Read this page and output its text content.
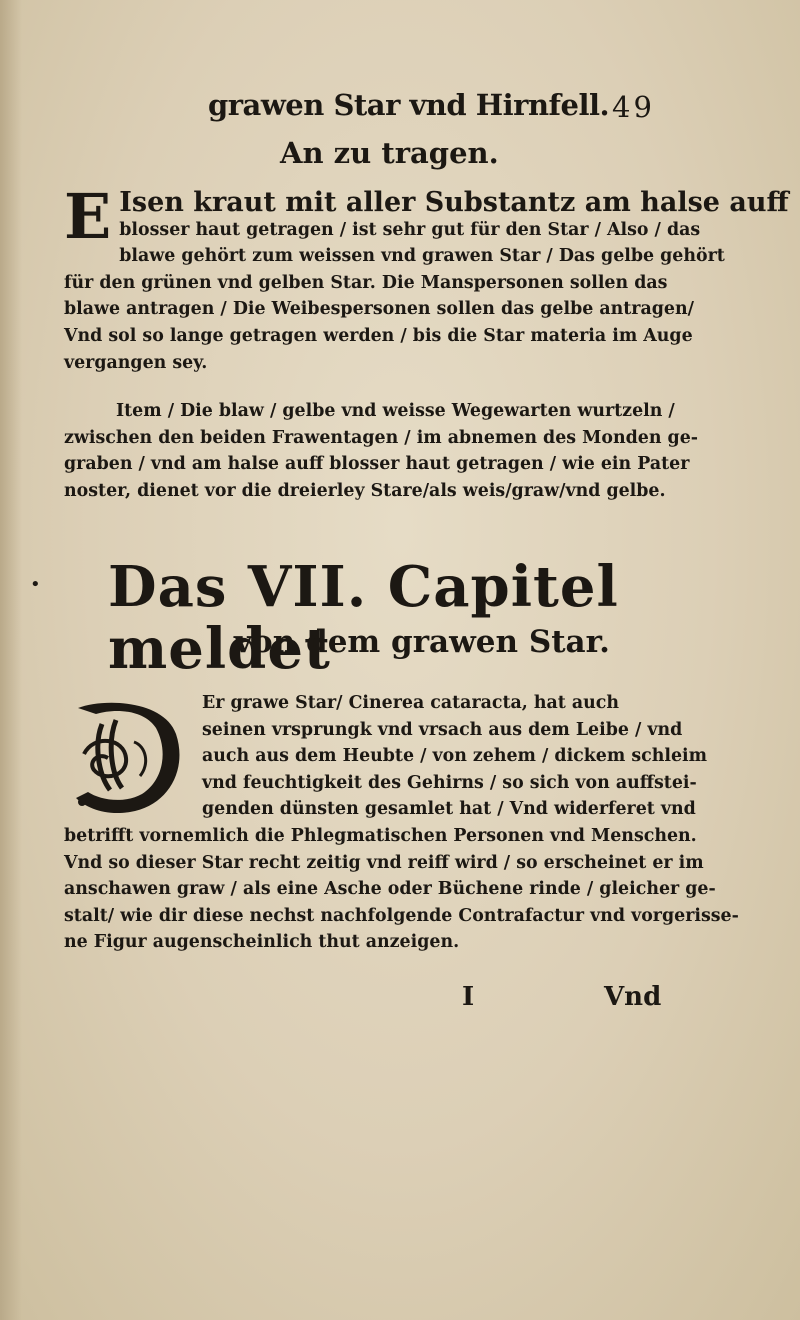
grawen Star vnd Hirnfell. 49
An zu tragen.
E Isen kraut mit aller Substantz am halse auff
blosser haut getragen / ist sehr gut für den Star / Also / das
blawe gehört zum weissen vnd grawen Star / Das gelbe gehört
für den grünen vnd gelben Star. Die Manspersonen sollen das
blawe antragen / Die Weibespersonen sollen das gelbe antragen/
Vnd sol so lange getragen werden / bis die Star materia im Auge
vergangen sey.
Item / Die blaw / gelbe vnd weisse Wegewarten wurtzeln /
zwischen den beiden Frawentagen / im abnemen des Monden ge-
graben / vnd am halse auff blosser haut getragen / wie ein Pater
noster, dienet vor die dreierley Stare/als weis/graw/vnd gelbe.
• Das VII. Capitel meldet
von dem grawen Star.
Er grawe Star/ Cinerea cataracta, hat auch
seinen vrsprungk vnd vrsach aus dem Leibe / vnd
auch aus dem Heubte / von zehem / dickem schleim
vnd feuchtigkeit des Gehirns / so sich von auffstei-
genden dünsten gesamlet hat / Vnd widerferet vnd
betrifft vornemlich die Phlegmatischen Personen vnd Menschen.
Vnd so dieser Star recht zeitig vnd reiff wird / so erscheinet er im
anschawen graw / als eine Asche oder Büchene rinde / gleicher ge-
stalt/ wie dir diese nechst nachfolgende Contrafactur vnd vorgerisse-
ne Figur augenscheinlich thut anzeigen.
I	Vnd
